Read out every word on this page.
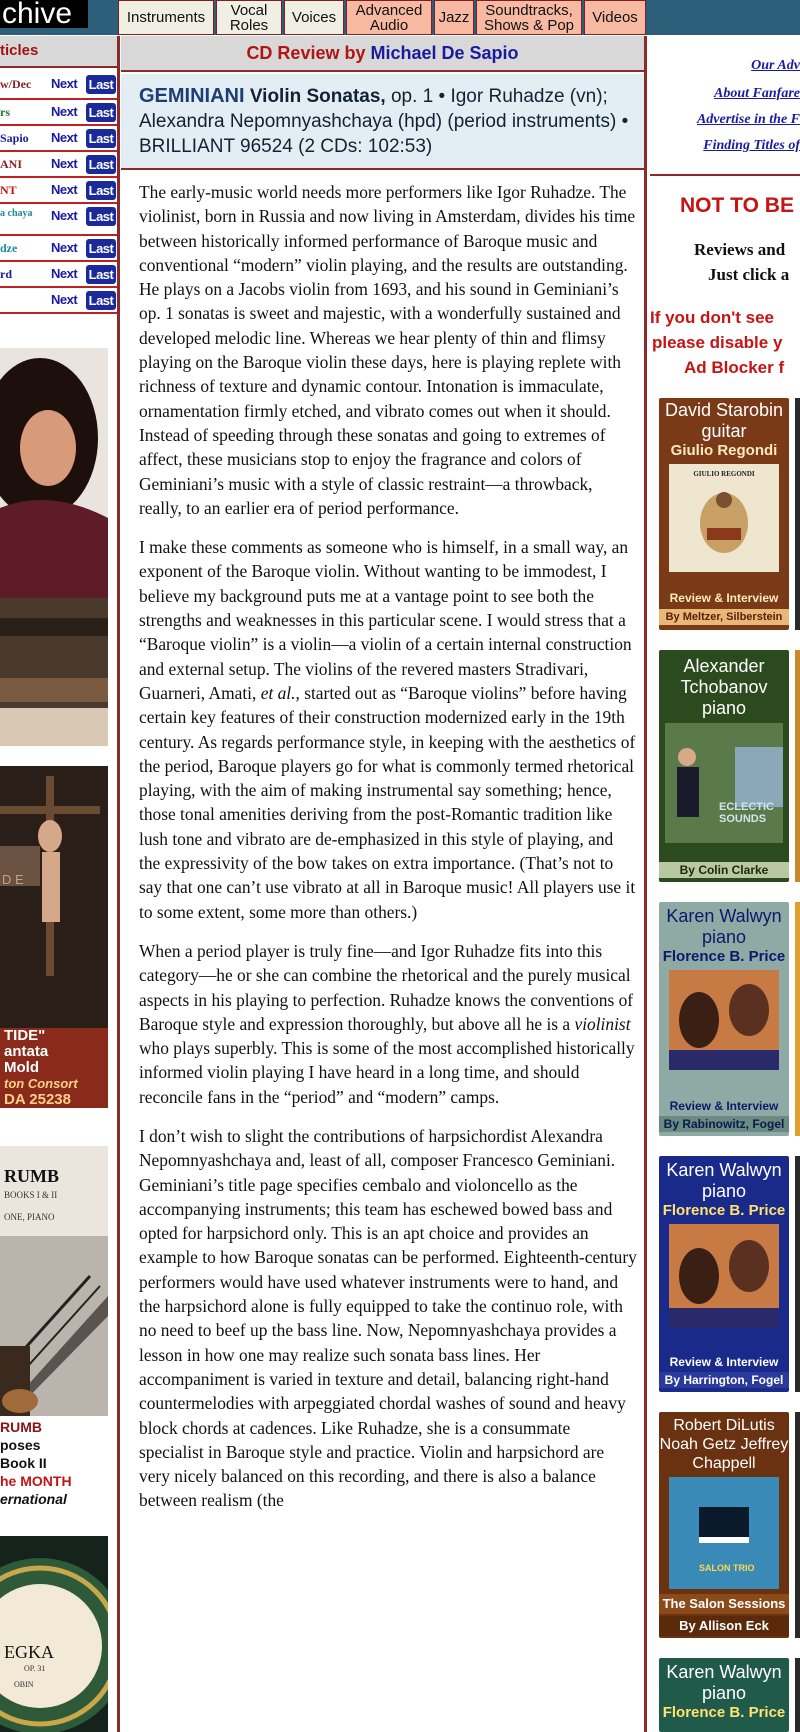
chive	Instruments	Vocal Roles	Voices	Advanced Audio	Jazz	Soundtracks, Shows & Pop	Videos
ticles
w/Dec	Next Last
rs	Next Last
Sapio	Next Last
ANI	Next Last
NT	Next Last
a chaya	Next Last
dze	Next Last
rd	Next Last
Next Last
D E
TIDE"
antata
Mold
ton Consort
DA 25238
RUMB
BOOKS I & II
ONE, PIANO
RUMB
poses
Book II
he MONTH
ernational
EGKA
OP. 31
OBIN
CD Review by Michael De Sapio
GEMINIANI Violin Sonatas, op. 1 • Igor Ruhadze (vn); Alexandra Nepomnyashchaya (hpd) (period instruments) • BRILLIANT 96524 (2 CDs: 102:53)

The early-music world needs more performers like Igor Ruhadze. The violinist, born in Russia and now living in Amsterdam, divides his time between historically informed performance of Baroque music and conventional “modern” violin playing, and the results are outstanding. He plays on a Jacobs violin from 1693, and his sound in Geminiani’s op. 1 sonatas is sweet and majestic, with a wonderfully sustained and developed melodic line. Whereas we hear plenty of thin and flimsy playing on the Baroque violin these days, here is playing replete with richness of texture and dynamic contour. Intonation is immaculate, ornamentation firmly etched, and vibrato comes out when it should. Instead of speeding through these sonatas and going to extremes of affect, these musicians stop to enjoy the fragrance and colors of Geminiani’s music with a style of classic restraint—a throwback, really, to an earlier era of period performance.

I make these comments as someone who is himself, in a small way, an exponent of the Baroque violin. Without wanting to be immodest, I believe my background puts me at a vantage point to see both the strengths and weaknesses in this particular scene. I would stress that a “Baroque violin” is a violin—a violin of a certain internal construction and external setup. The violins of the revered masters Stradivari, Guarneri, Amati, et al., started out as “Baroque violins” before having certain key features of their construction modernized early in the 19th century. As regards performance style, in keeping with the aesthetics of the period, Baroque players go for what is commonly termed rhetorical playing, with the aim of making instrumental say something; hence, those tonal amenities deriving from the post-Romantic tradition like lush tone and vibrato are de-emphasized in this style of playing, and the expressivity of the bow takes on extra importance. (That’s not to say that one can’t use vibrato at all in Baroque music! All players use it to some extent, some more than others.)

When a period player is truly fine—and Igor Ruhadze fits into this category—he or she can combine the rhetorical and the purely musical aspects in his playing to perfection. Ruhadze knows the conventions of Baroque style and expression thoroughly, but above all he is a violinist who plays superbly. This is some of the most accomplished historically informed violin playing I have heard in a long time, and should reconcile fans in the “period” and “modern” camps.

I don’t wish to slight the contributions of harpsichordist Alexandra Nepomnyashchaya and, least of all, composer Francesco Geminiani. Geminiani’s title page specifies cembalo and violoncello as the accompanying instruments; this team has eschewed bowed bass and opted for harpsichord only. This is an apt choice and provides an example to how Baroque sonatas can be performed. Eighteenth-century performers would have used whatever instruments were to hand, and the harpsichord alone is fully equipped to take the continuo role, with no need to beef up the bass line. Now, Nepomnyashchaya provides a lesson in how one may realize such sonata bass lines. Her accompaniment is varied in texture and detail, balancing right-hand countermelodies with arpeggiated chordal washes of sound and heavy block chords at cadences. Like Ruhadze, she is a consummate specialist in Baroque style and practice. Violin and harpsichord are very nicely balanced on this recording, and there is also a balance between realism (the

Our Adv
About Fanfare
Advertise in the F
Finding Titles of
NOT TO BE
Reviews and
Just click a
If you don't see
please disable y
Ad Blocker f
David Starobin guitar
Giulio Regondi
GIULIO REGONDI
Review & Interview
By Meltzer, Silberstein
Alexander Tchobanov piano
ECLECTIC SOUNDS
By Colin Clarke
Karen Walwyn piano
Florence B. Price
Review & Interview
By Rabinowitz, Fogel
Karen Walwyn piano
Florence B. Price
Review & Interview
By Harrington, Fogel
Robert DiLutis Noah Getz Jeffrey Chappell
SALON TRIO
The Salon Sessions
By Allison Eck
Karen Walwyn piano
Florence B. Price
